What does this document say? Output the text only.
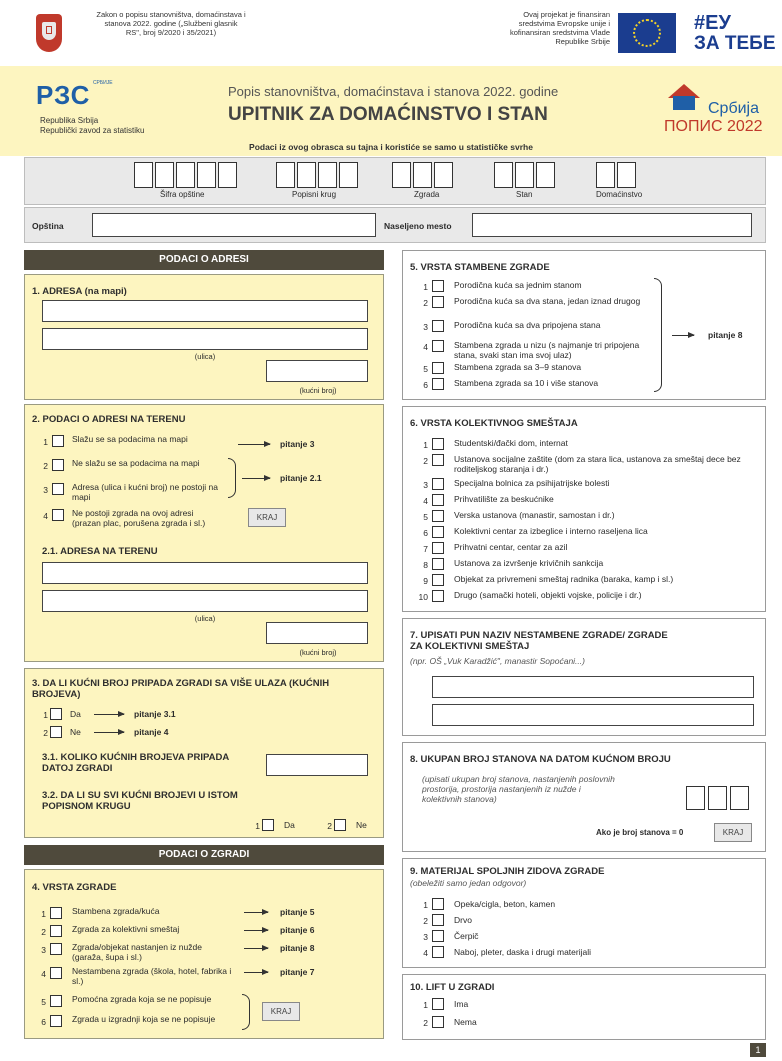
Zakon o popisu stanovništva, domaćinstava i stanova 2022. godine („Službeni glasnik RS", broj 9/2020 i 35/2021)
Ovaj projekat je finansiran sredstvima Evropske unije i kofinansiran sredstvima Vlade Republike Srbije
#ЕУ
ЗА ТЕБЕ
РЗС $^{СРБИЈЕ}$
Republika Srbija
Republički zavod za statistiku
Popis stanovništva, domaćinstava i stanova 2022. godine
UPITNIK ZA DOMAĆINSTVO I STAN	Србија
ПОПИС 2022
Podaci iz ovog obrasca su tajna i koristiće se samo u statističke svrhe
Šifra opštine	Popisni krug	Zgrada	Stan	Domaćinstvo
Opština	Naseljeno mesto
PODACI O ADRESI
1. ADRESA (na mapi)
(ulica)
(kućni broj)
2. PODACI O ADRESI NA TERENU
1	Slažu se sa podacima na mapi
2	Ne slažu se sa podacima na mapi
3	Adresa (ulica i kućni broj) ne postoji na mapi
4	Ne postoji zgrada na ovoj adresi (prazan plac, porušena zgrada i sl.)
pitanje 3
pitanje 2.1
KRAJ
2.1. ADRESA NA TERENU
(ulica)
(kućni broj)
3. DA LI KUĆNI BROJ PRIPADA ZGRADI SA VIŠE ULAZA (KUĆNIH BROJEVA)
1	Da	pitanje 3.1
2	Ne	pitanje 4
3.1. KOLIKO KUĆNIH BROJEVA PRIPADA DATOJ ZGRADI
3.2. DA LI SU SVI KUĆNI BROJEVI U ISTOM POPISNOM KRUGU
1	Da	2	Ne
PODACI O ZGRADI
4. VRSTA ZGRADE
1	Stambena zgrada/kuća	pitanje 5
2	Zgrada za kolektivni smeštaj	pitanje 6
3	Zgrada/objekat nastanjen iz nužde (garaža, šupa i sl.)
pitanje 8
4	Nestambena zgrada (škola, hotel, fabrika i sl.)
pitanje 7
5	Pomoćna zgrada koja se ne popisuje
6	Zgrada u izgradnji koja se ne popisuje
KRAJ
5. VRSTA STAMBENE ZGRADE
1	Porodična kuća sa jednim stanom
2	Porodična kuća sa dva stana, jedan iznad drugog
3	Porodična kuća sa dva pripojena stana
4	Stambena zgrada u nizu (s najmanje tri pripojena stana, svaki stan ima svoj ulaz)
5	Stambena zgrada sa 3–9 stanova
6	Stambena zgrada sa 10 i više stanova
pitanje 8
6. VRSTA KOLEKTIVNOG SMEŠTAJA
1	Studentski/đački dom, internat
2	Ustanova socijalne zaštite (dom za stara lica, ustanova za smeštaj dece bez roditeljskog staranja i dr.)
3	Specijalna bolnica za psihijatrijske bolesti
4	Prihvatilište za beskućnike
5	Verska ustanova (manastir, samostan i dr.)
6	Kolektivni centar za izbeglice i interno raseljena lica
7	Prihvatni centar, centar za azil
8	Ustanova za izvršenje krivičnih sankcija
9	Objekat za privremeni smeštaj radnika (baraka, kamp i sl.)
10	Drugo (samački hoteli, objekti vojske, policije i dr.)
7. UPISATI PUN NAZIV NESTAMBENE ZGRADE/ ZGRADE ZA KOLEKTIVNI SMEŠTAJ
(npr. OŠ „Vuk Karadžić", manastir Sopoćani...)
8. UKUPAN BROJ STANOVA NA DATOM KUĆNOM BROJU
(upisati ukupan broj stanova, nastanjenih poslovnih prostorija, prostorija nastanjenih iz nužde i kolektivnih stanova)
Ako je broj stanova = 0	KRAJ
9. MATERIJAL SPOLJNIH ZIDOVA ZGRADE
(obeležiti samo jedan odgovor)
1	Opeka/cigla, beton, kamen
2	Drvo
3	Čerpič
4	Naboj, pleter, daska i drugi materijali
10. LIFT U ZGRADI
1	Ima
2	Nema
1
